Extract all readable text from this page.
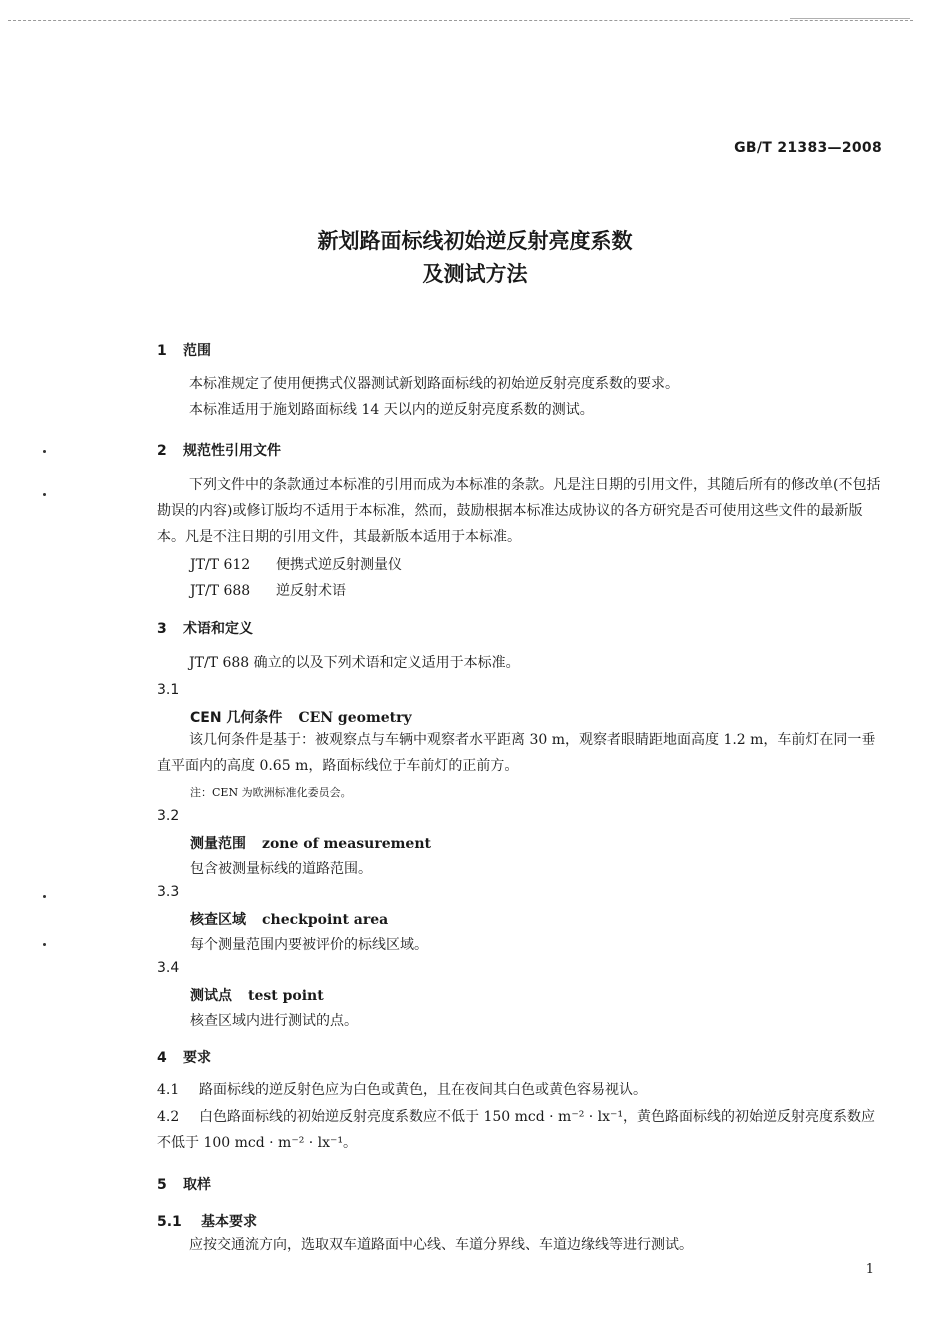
GB/T 21383—2008
新划路面标线初始逆反射亮度系数
及测试方法
1 范围
本标准规定了使用便携式仪器测试新划路面标线的初始逆反射亮度系数的要求。
本标准适用于施划路面标线 14 天以内的逆反射亮度系数的测试。
2 规范性引用文件
下列文件中的条款通过本标准的引用而成为本标准的条款。凡是注日期的引用文件，其随后所有的修改单(不包括勘误的内容)或修订版均不适用于本标准，然而，鼓励根据本标准达成协议的各方研究是否可使用这些文件的最新版本。凡是不注日期的引用文件，其最新版本适用于本标准。
JT/T 612 便携式逆反射测量仪
JT/T 688 逆反射术语
3 术语和定义
JT/T 688 确立的以及下列术语和定义适用于本标准。
3.1
CEN 几何条件 CEN geometry
该几何条件是基于：被观察点与车辆中观察者水平距离 30 m，观察者眼睛距地面高度 1.2 m，车前灯在同一垂直平面内的高度 0.65 m，路面标线位于车前灯的正前方。
注：CEN 为欧洲标准化委员会。
3.2
测量范围 zone of measurement
包含被测量标线的道路范围。
3.3
核查区域 checkpoint area
每个测量范围内要被评价的标线区域。
3.4
测试点 test point
核查区域内进行测试的点。
4 要求
4.1 路面标线的逆反射色应为白色或黄色，且在夜间其白色或黄色容易视认。
4.2 白色路面标线的初始逆反射亮度系数应不低于 150 mcd · m⁻² · lx⁻¹，黄色路面标线的初始逆反射亮度系数应不低于 100 mcd · m⁻² · lx⁻¹。
5 取样
5.1 基本要求
应按交通流方向，选取双车道路面中心线、车道分界线、车道边缘线等进行测试。
1
